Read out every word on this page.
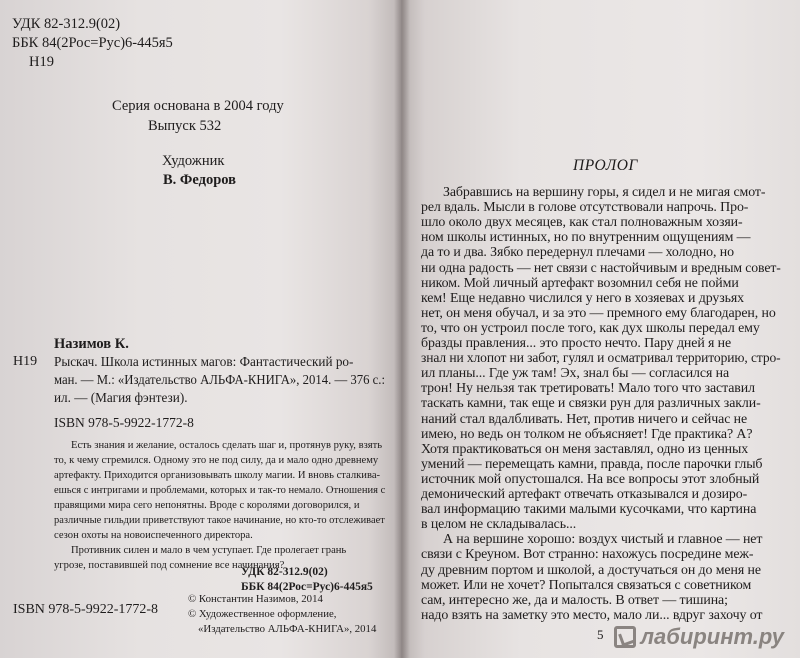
УДК 82-312.9(02)
ББК 84(2Рос=Рус)6-445я5
Н19
Серия основана в 2004 году
Выпуск 532
Художник
В. Федоров
Назимов К.
Н19 Рыскач. Школа истинных магов: Фантастический ро-
ман. — М.: «Издательство АЛЬФА-КНИГА», 2014. — 376 с.:
ил. — (Магия фэнтези).
ISBN 978-5-9922-1772-8
Есть знания и желание, осталось сделать шаг и, протянув руку, взять
то, к чему стремился. Одному это не под силу, да и мало одно древнему
артефакту. Приходится организовывать школу магии. И вновь сталкива-
ешься с интригами и проблемами, которых и так-то немало. Отношения с
правящими мира сего непонятны. Вроде с королями договорился, и
различные гильдии приветствуют такое начинание, но кто-то отслеживает
сезон охоты на новоиспеченного директора.
Противник силен и мало в чем уступает. Где пролегает грань
угрозе, поставившей под сомнение все начинания?
УДК 82-312.9(02)
ББК 84(2Рос=Рус)6-445я5
ISBN 978-5-9922-1772-8
© Константин Назимов, 2014
© Художественное оформление,
«Издательство АЛЬФА-КНИГА», 2014
ПРОЛОГ
Забравшись на вершину горы, я сидел и не мигая смот-
рел вдаль. Мысли в голове отсутствовали напрочь. Про-
шло около двух месяцев, как стал полноважным хозяи-
ном школы истинных, но по внутренним ощущениям —
да то и два. Зябко передернул плечами — холодно, но
ни одна радость — нет связи с настойчивым и вредным совет-
ником. Мой личный артефакт возомнил себя не пойми
кем! Еще недавно числился у него в хозяевах и друзьях
нет, он меня обучал, и за это — премного ему благодарен, но
то, что он устроил после того, как дух школы передал ему
бразды правления... это просто нечто. Пару дней я не
знал ни хлопот ни забот, гулял и осматривал территорию, стро-
ил планы... Где уж там! Эх, знал бы — согласился на
трон! Ну нельзя так третировать! Мало того что заставил
таскать камни, так еще и связки рун для различных закли-
наний стал вдалбливать. Нет, против ничего и сейчас не
имею, но ведь он толком не объясняет! Где практика? А?
Хотя практиковаться он меня заставлял, одно из ценных
умений — перемещать камни, правда, после парочки глыб
источник мой опустошался. На все вопросы этот злобный
демонический артефакт отвечать отказывался и дозиро-
вал информацию такими малыми кусочками, что картина
в целом не складывалась...
А на вершине хорошо: воздух чистый и главное — нет
связи с Креуном. Вот странно: нахожусь посредине меж-
ду древним портом и школой, а достучаться он до меня не
может. Или не хочет? Попытался связаться с советником
сам, интересно же, да и малость. В ответ — тишина;
надо взять на заметку это место, мало ли... вдруг захочу от
5 лабиринт.ру
